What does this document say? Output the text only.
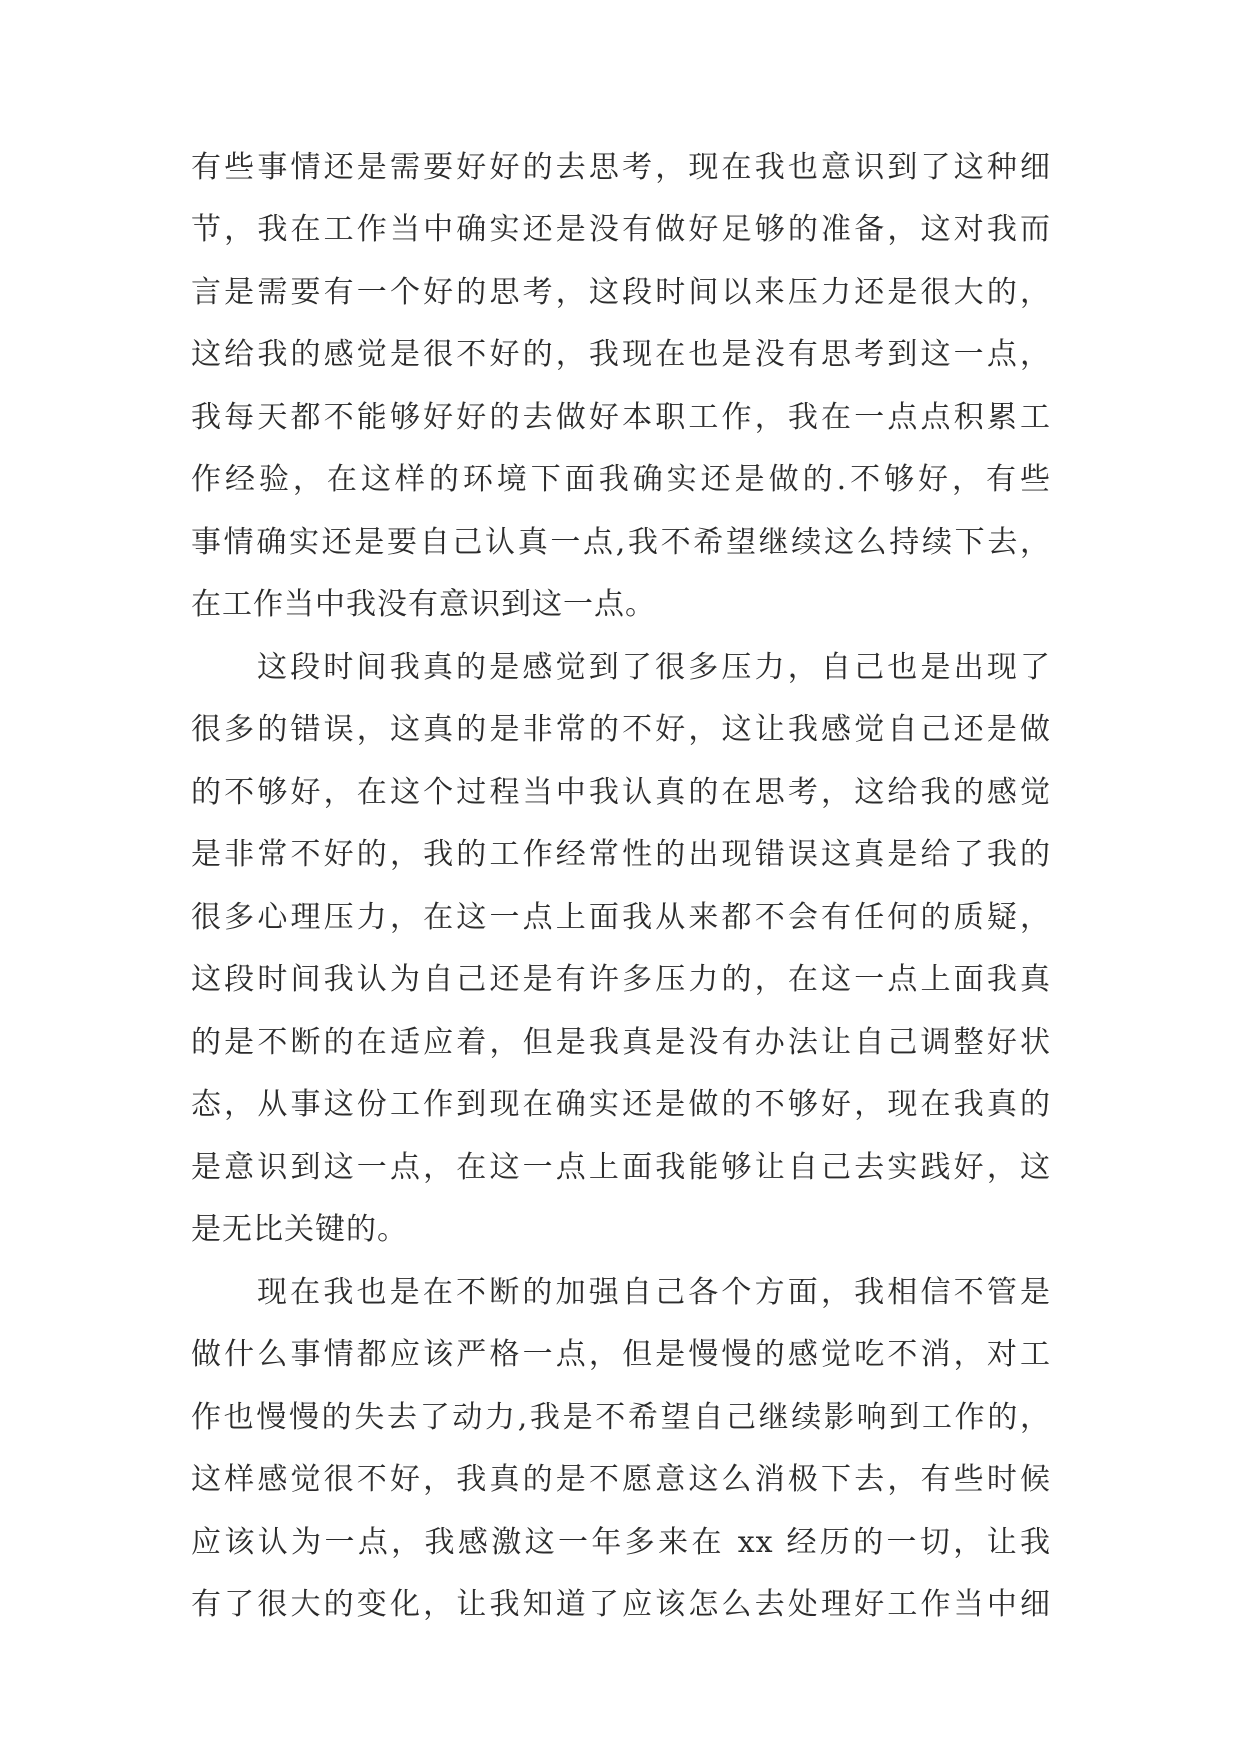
有些事情还是需要好好的去思考，现在我也意识到了这种细
节，我在工作当中确实还是没有做好足够的准备，这对我而
言是需要有一个好的思考，这段时间以来压力还是很大的，
这给我的感觉是很不好的，我现在也是没有思考到这一点，
我每天都不能够好好的去做好本职工作，我在一点点积累工
作经验，在这样的环境下面我确实还是做的.不够好，有些
事情确实还是要自己认真一点,我不希望继续这么持续下去，
在工作当中我没有意识到这一点。
这段时间我真的是感觉到了很多压力，自己也是出现了
很多的错误，这真的是非常的不好，这让我感觉自己还是做
的不够好，在这个过程当中我认真的在思考，这给我的感觉
是非常不好的，我的工作经常性的出现错误这真是给了我的
很多心理压力，在这一点上面我从来都不会有任何的质疑，
这段时间我认为自己还是有许多压力的，在这一点上面我真
的是不断的在适应着，但是我真是没有办法让自己调整好状
态，从事这份工作到现在确实还是做的不够好，现在我真的
是意识到这一点，在这一点上面我能够让自己去实践好，这
是无比关键的。
现在我也是在不断的加强自己各个方面，我相信不管是
做什么事情都应该严格一点，但是慢慢的感觉吃不消，对工
作也慢慢的失去了动力,我是不希望自己继续影响到工作的，
这样感觉很不好，我真的是不愿意这么消极下去，有些时候
应该认为一点，我感激这一年多来在 xx 经历的一切，让我
有了很大的变化，让我知道了应该怎么去处理好工作当中细
